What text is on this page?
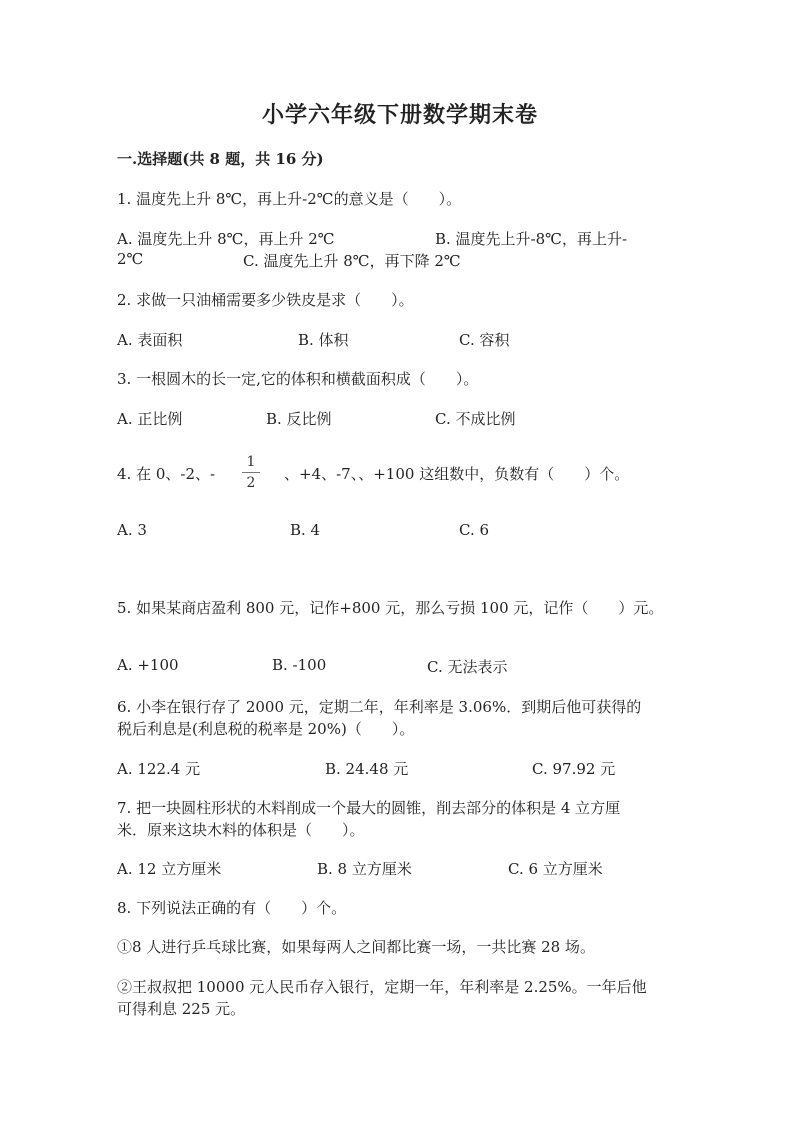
小学六年级下册数学期末卷
一.选择题(共 8 题，共 16 分)
1. 温度先上升 8℃，再上升-2℃的意义是（　　）。
A. 温度先上升 8℃，再上升 2℃	B. 温度先上升-8℃，再上升-
2℃	C. 温度先上升 8℃，再下降 2℃
2. 求做一只油桶需要多少铁皮是求（　　）。
A. 表面积	B. 体积	C. 容积
3. 一根圆木的长一定,它的体积和横截面积成（　　）。
A. 正比例	B. 反比例	C. 不成比例
4. 在 0、-2、-
1
2	、+4、-7、、+100 这组数中，负数有（　　）个。
A. 3	B. 4	C. 6
5. 如果某商店盈利 800 元，记作+800 元，那么亏损 100 元，记作（　　）元。
A. +100	B. -100	C. 无法表示
6. 小李在银行存了 2000 元，定期二年，年利率是 3.06%．到期后他可获得的
税后利息是(利息税的税率是 20%)（　　）。
A. 122.4 元	B. 24.48 元	C. 97.92 元
7. 把一块圆柱形状的木料削成一个最大的圆锥，削去部分的体积是 4 立方厘
米．原来这块木料的体积是（　　）。
A. 12 立方厘米	B. 8 立方厘米	C. 6 立方厘米
8. 下列说法正确的有（　　）个。
①8 人进行乒乓球比赛，如果每两人之间都比赛一场，一共比赛 28 场。
②王叔叔把 10000 元人民币存入银行，定期一年，年利率是 2.25%。一年后他
可得利息 225 元。
